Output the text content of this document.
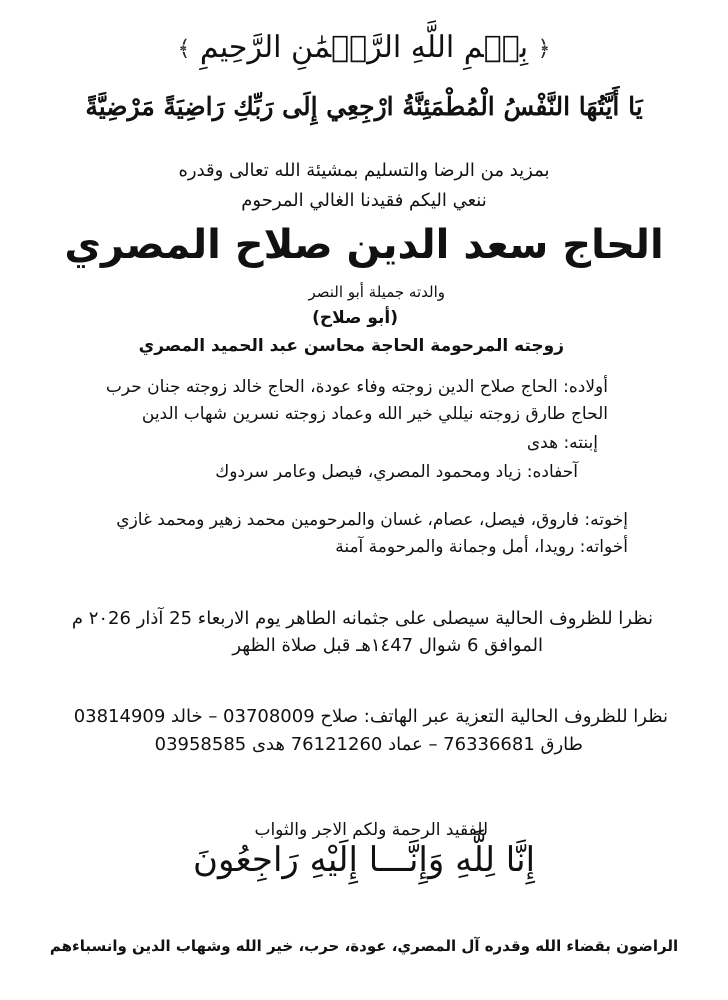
﴿ بِسۡمِ اللَّهِ الرَّحۡمَٰنِ الرَّحِيمِ ﴾
يَا أَيَّتُهَا النَّفْسُ الْمُطْمَئِنَّةُ ارْجِعِي إِلَى رَبِّكِ رَاضِيَةً مَرْضِيَّةً
بمزيد من الرضا والتسليم بمشيئة الله تعالى وقدره
ننعي اليكم فقيدنا الغالي المرحوم
الحاج سعد الدين صلاح المصري
والدته جميلة أبو النصر
(أبو صلاح)
زوجته المرحومة الحاجة محاسن عبد الحميد المصري
أولاده: الحاج صلاح الدين زوجته وفاء عودة، الحاج خالد زوجته جنان حرب
الحاج طارق زوجته نيللي خير الله وعماد زوجته نسرين شهاب الدين
إبنته: هدى
آحفاده: زياد ومحمود المصري، فيصل وعامر سردوك
إخوته: فاروق، فيصل، عصام، غسان والمرحومين محمد زهير ومحمد غازي
أخواته: رويدا، أمل وجمانة والمرحومة آمنة
نظرا للظروف الحالية سيصلى على جثمانه الطاهر يوم الاربعاء 25 آذار ٢٠26 م
الموافق 6 شوال ١٤47هـ قبل صلاة الظهر
نظرا للظروف الحالية التعزية عبر الهاتف: صلاح 03708009 – خالد 03814909
طارق 76336681 – عماد 76121260 هدى 03958585
للفقيد الرحمة ولكم الاجر والثواب
إِنَّا لِلَّهِ وَإِنَّـــا إِلَيْهِ رَاجِعُونَ
الراضون بقضاء الله وقدره آل المصري، عودة، حرب، خير الله وشهاب الدين وانسباءهم
